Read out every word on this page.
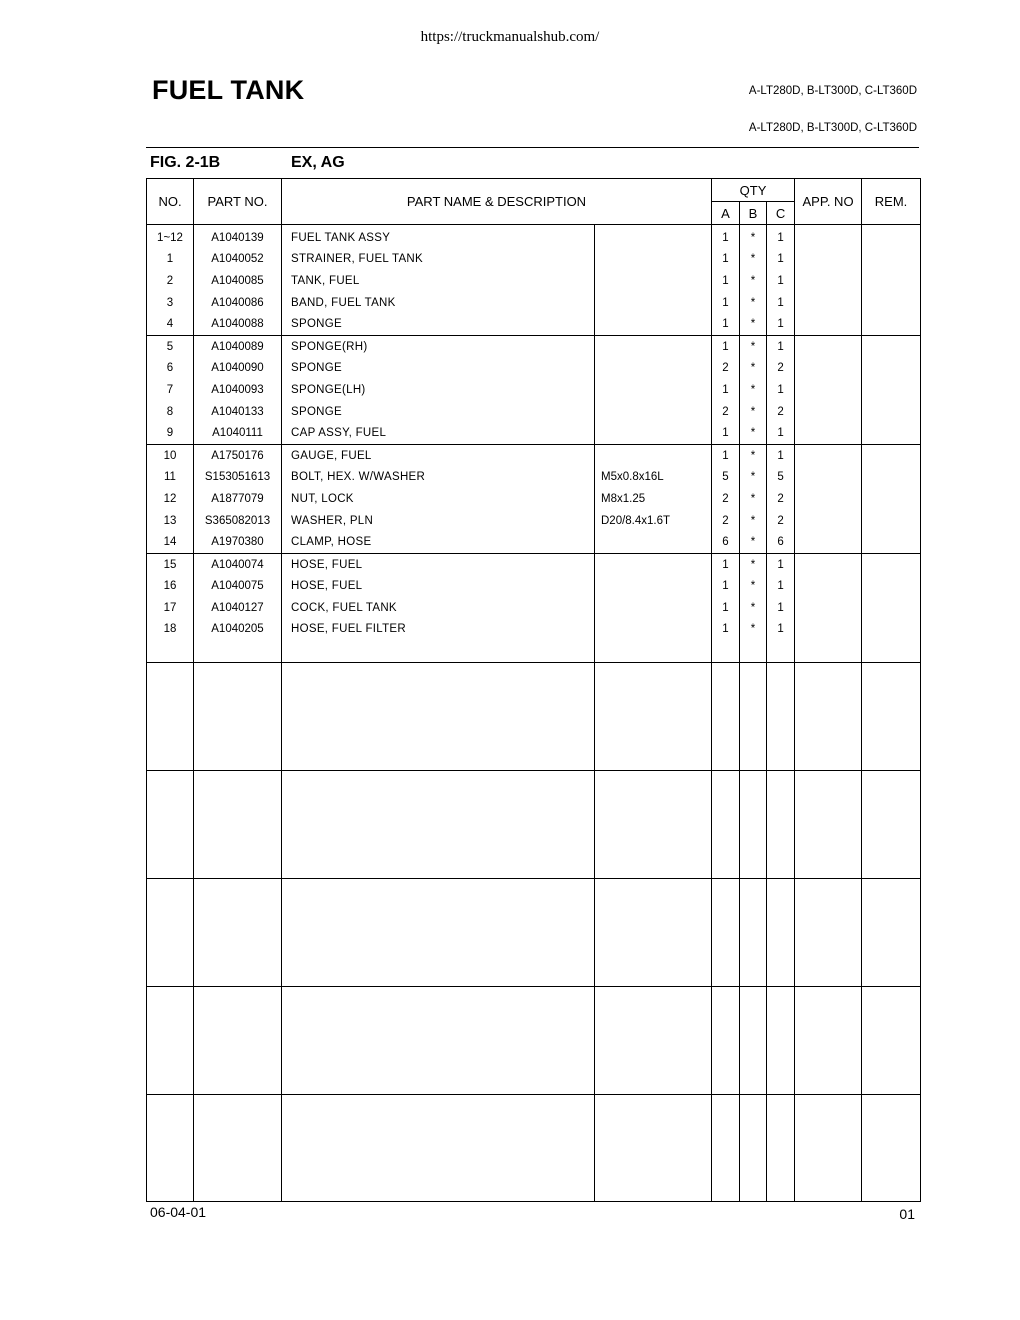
https://truckmanualshub.com/
FUEL TANK	A-LT280D, B-LT300D, C-LT360D
A-LT280D, B-LT300D, C-LT360D
FIG. 2-1B	EX, AG
NO.	PART NO.	PART NAME & DESCRIPTION		QTY			APP. NO	REM.
				A	B	C		
1~12	A1040139	FUEL TANK ASSY		1	*	1		
1	A1040052	STRAINER, FUEL TANK		1	*	1		
2	A1040085	TANK, FUEL		1	*	1		
3	A1040086	BAND, FUEL TANK		1	*	1		
4	A1040088	SPONGE		1	*	1		
5	A1040089	SPONGE(RH)		1	*	1		
6	A1040090	SPONGE		2	*	2		
7	A1040093	SPONGE(LH)		1	*	1		
8	A1040133	SPONGE		2	*	2		
9	A1040111	CAP ASSY, FUEL		1	*	1		
10	A1750176	GAUGE, FUEL		1	*	1		
11	S153051613	BOLT, HEX. W/WASHER	M5x0.8x16L	5	*	5		
12	A1877079	NUT, LOCK	M8x1.25	2	*	2		
13	S365082013	WASHER, PLN	D20/8.4x1.6T	2	*	2		
14	A1970380	CLAMP, HOSE		6	*	6		
15	A1040074	HOSE, FUEL		1	*	1		
16	A1040075	HOSE, FUEL		1	*	1		
17	A1040127	COCK, FUEL TANK		1	*	1		
18	A1040205	HOSE, FUEL FILTER		1	*	1		

06-04-01	01
